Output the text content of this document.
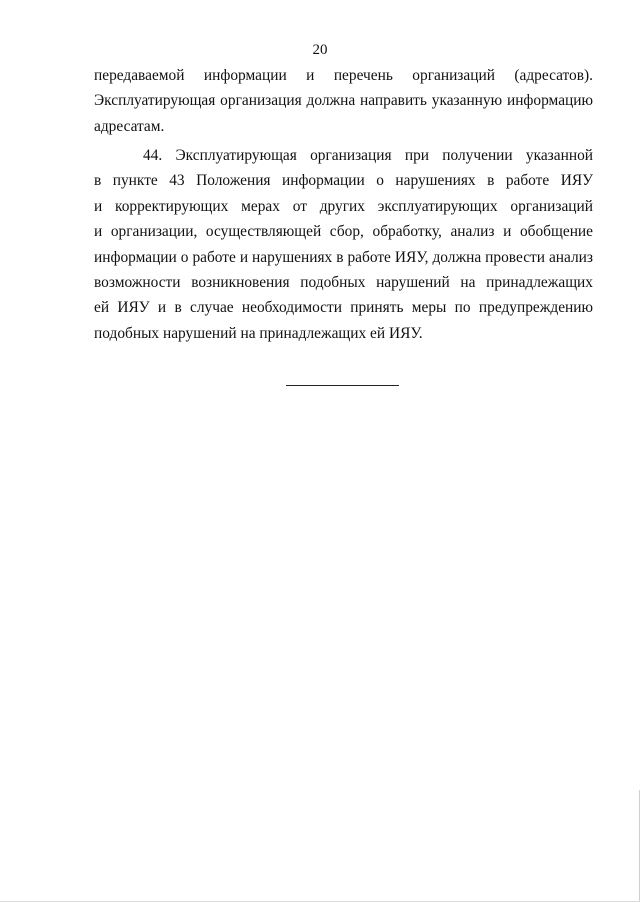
20
передаваемой информации и перечень организаций (адресатов).
Эксплуатирующая организация должна направить указанную информацию
адресатам.
44. Эксплуатирующая организация при получении указанной
в пункте 43 Положения информации о нарушениях в работе ИЯУ
и корректирующих мерах от других эксплуатирующих организаций
и организации, осуществляющей сбор, обработку, анализ и обобщение
информации о работе и нарушениях в работе ИЯУ, должна провести анализ
возможности возникновения подобных нарушений на принадлежащих
ей ИЯУ и в случае необходимости принять меры по предупреждению
подобных нарушений на принадлежащих ей ИЯУ.
